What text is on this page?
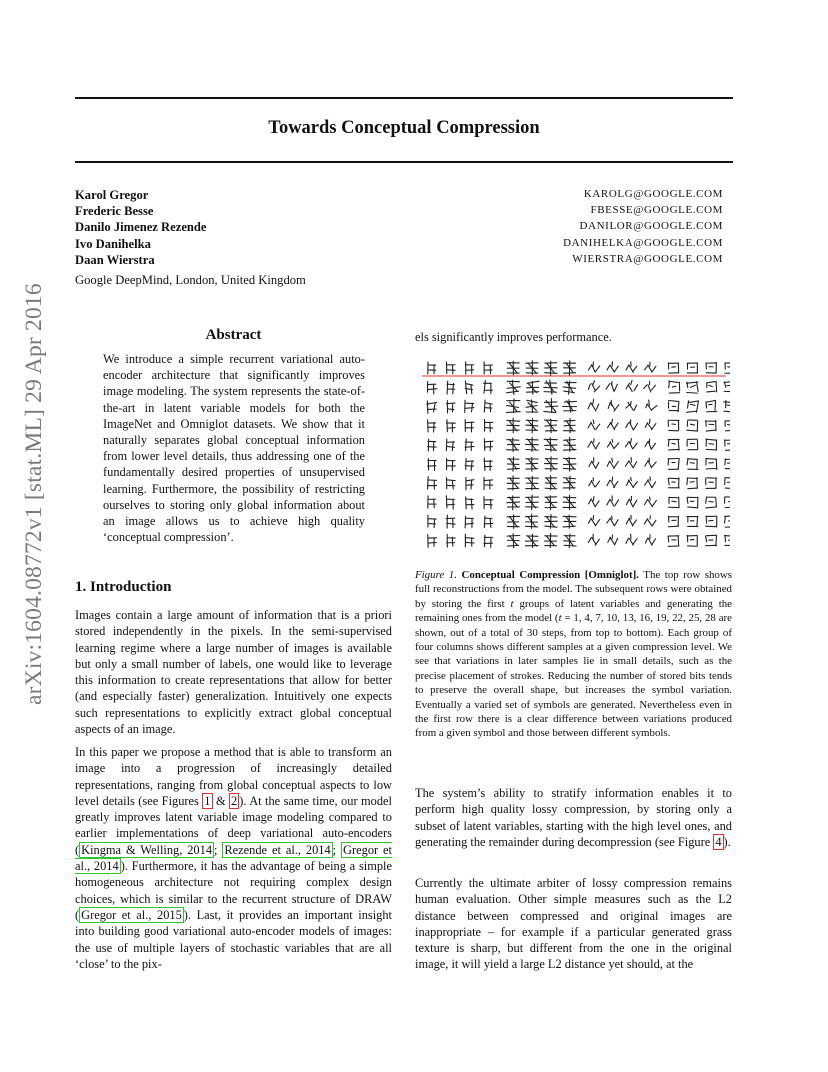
Towards Conceptual Compression
arXiv:1604.08772v1 [stat.ML] 29 Apr 2016
Karol Gregor	KAROLG@GOOGLE.COM
Frederic Besse	FBESSE@GOOGLE.COM
Danilo Jimenez Rezende	DANILOR@GOOGLE.COM
Ivo Danihelka	DANIHELKA@GOOGLE.COM
Daan Wierstra	WIERSTRA@GOOGLE.COM
Google DeepMind, London, United Kingdom
Abstract
We introduce a simple recurrent variational auto-encoder architecture that significantly improves image modeling. The system represents the state-of-the-art in latent variable models for both the ImageNet and Omniglot datasets. We show that it naturally separates global conceptual information from lower level details, thus addressing one of the fundamentally desired properties of unsupervised learning. Furthermore, the possibility of restricting ourselves to storing only global information about an image allows us to achieve high quality ‘conceptual compression’.
1. Introduction
Images contain a large amount of information that is a priori stored independently in the pixels. In the semi-supervised learning regime where a large number of images is available but only a small number of labels, one would like to leverage this information to create representations that allow for better (and especially faster) generalization. Intuitively one expects such representations to explicitly extract global conceptual aspects of an image.
In this paper we propose a method that is able to transform an image into a progression of increasingly detailed representations, ranging from global conceptual aspects to low level details (see Figures 1 & 2 ). At the same time, our model greatly improves latent variable image modeling compared to earlier implementations of deep variational auto-encoders ( Kingma & Welling, 2014 ; Rezende et al., 2014 ; Gregor et al., 2014 ). Furthermore, it has the advantage of being a simple homogeneous architecture not requiring complex design choices, which is similar to the recurrent structure of DRAW ( Gregor et al., 2015 ). Last, it provides an important insight into building good variational auto-encoder models of images: the use of multiple layers of stochastic variables that are all ‘close’ to the pix-
els significantly improves performance.
Figure 1. Conceptual Compression [Omniglot]. The top row shows full reconstructions from the model. The subsequent rows were obtained by storing the first t groups of latent variables and generating the remaining ones from the model (t = 1, 4, 7, 10, 13, 16, 19, 22, 25, 28 are shown, out of a total of 30 steps, from top to bottom). Each group of four columns shows different samples at a given compression level. We see that variations in later samples lie in small details, such as the precise placement of strokes. Reducing the number of stored bits tends to preserve the overall shape, but increases the symbol variation. Eventually a varied set of symbols are generated. Nevertheless even in the first row there is a clear difference between variations produced from a given symbol and those between different symbols.
The system’s ability to stratify information enables it to perform high quality lossy compression, by storing only a subset of latent variables, starting with the high level ones, and generating the remainder during decompression (see Figure 4 ).
Currently the ultimate arbiter of lossy compression remains human evaluation. Other simple measures such as the L2 distance between compressed and original images are inappropriate – for example if a particular generated grass texture is sharp, but different from the one in the original image, it will yield a large L2 distance yet should, at the
